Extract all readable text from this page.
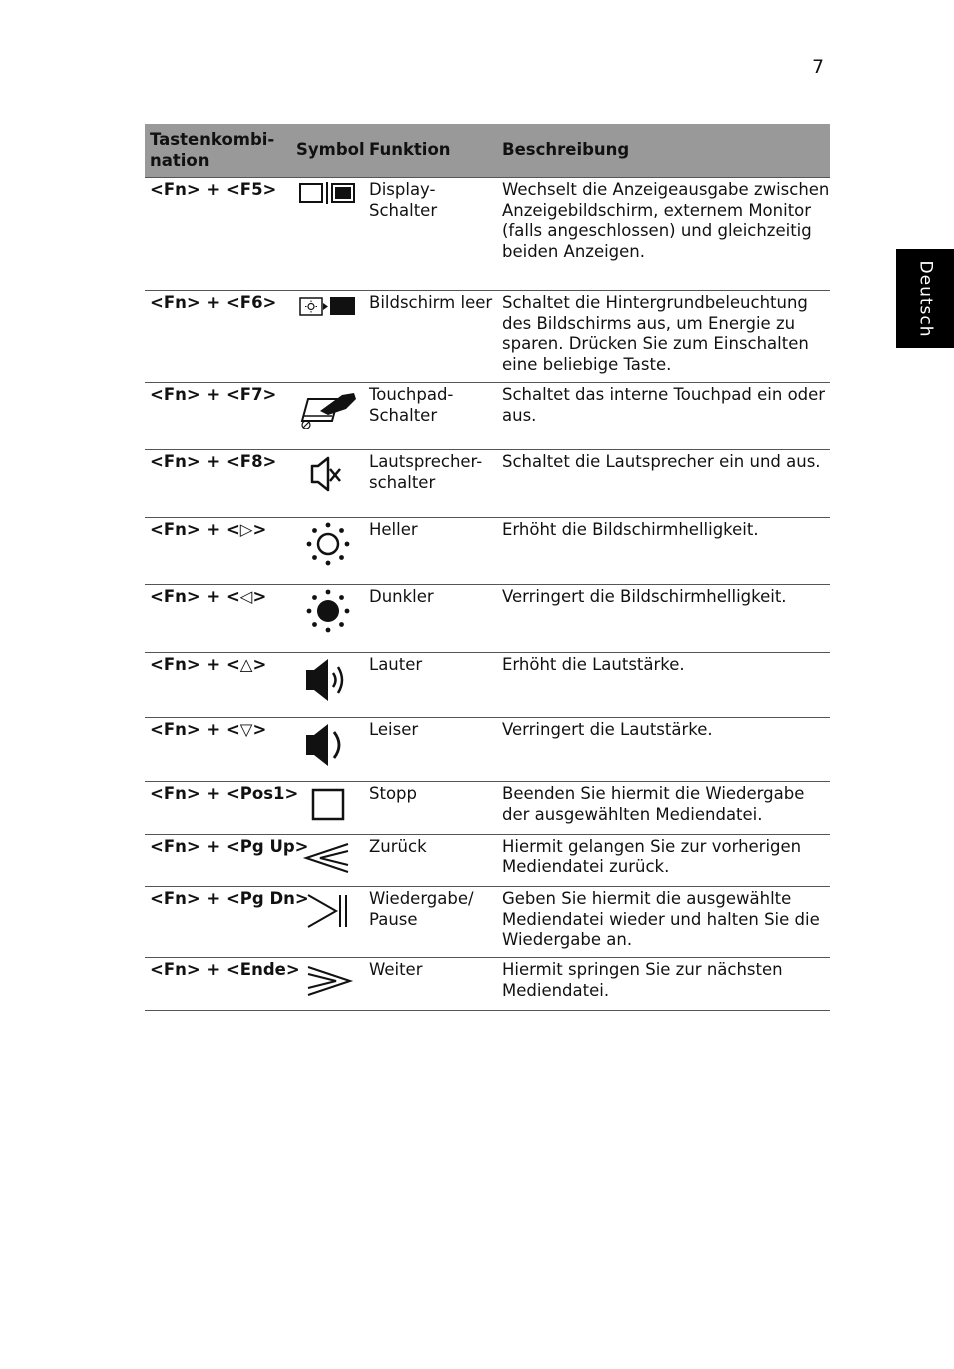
7
Deutsch
Tastenkombi-
nation	Symbol	Funktion	Beschreibung
<Fn> + <F5>		Display-Schalter	Wechselt die Anzeigeausgabe zwischen Anzeigebildschirm, externem Monitor (falls angeschlossen) und gleichzeitig beiden Anzeigen.
<Fn> + <F6>		Bildschirm leer	Schaltet die Hintergrundbeleuchtung des Bildschirms aus, um Energie zu sparen. Drücken Sie zum Einschalten eine beliebige Taste.
<Fn> + <F7>		Touchpad-Schalter	Schaltet das interne Touchpad ein oder aus.
<Fn> + <F8>		Lautsprecher-schalter	Schaltet die Lautsprecher ein und aus.
<Fn> + <▷>		Heller	Erhöht die Bildschirmhelligkeit.
<Fn> + <◁>		Dunkler	Verringert die Bildschirmhelligkeit.
<Fn> + <△>		Lauter	Erhöht die Lautstärke.
<Fn> + <▽>		Leiser	Verringert die Lautstärke.
<Fn> + <Pos1>		Stopp	Beenden Sie hiermit die Wiedergabe der ausgewählten Mediendatei.
<Fn> + <Pg Up>		Zurück	Hiermit gelangen Sie zur vorherigen Mediendatei zurück.
<Fn> + <Pg Dn>		Wiedergabe/ Pause	Geben Sie hiermit die ausgewählte Mediendatei wieder und halten Sie die Wiedergabe an.
<Fn> + <Ende>		Weiter	Hiermit springen Sie zur nächsten Mediendatei.
